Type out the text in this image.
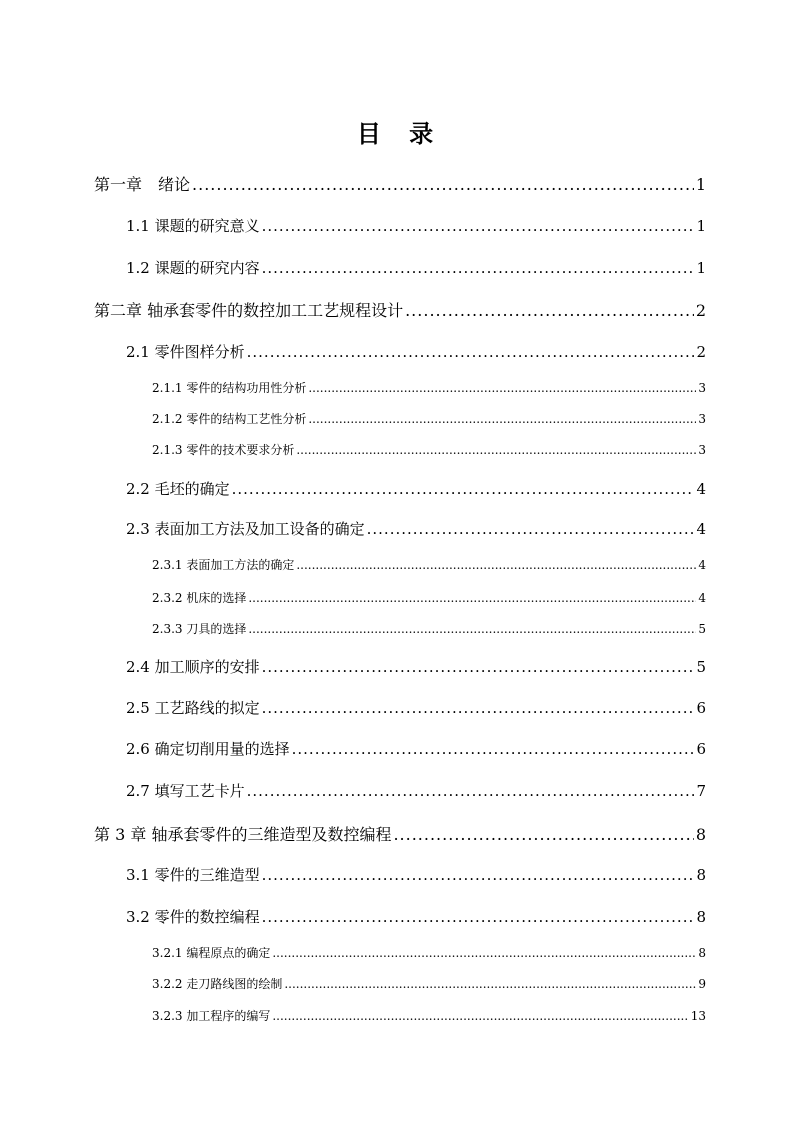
目 录
第一章　绪论 .....	1
1.1 课题的研究意义 .....	1
1.2 课题的研究内容 .....	1
第二章 轴承套零件的数控加工工艺规程设计 .....	2
2.1 零件图样分析 .....	2
2.1.1 零件的结构功用性分析 .....	3
2.1.2 零件的结构工艺性分析 .....	3
2.1.3 零件的技术要求分析 .....	3
2.2 毛坯的确定 .....	4
2.3 表面加工方法及加工设备的确定 .....	4
2.3.1 表面加工方法的确定 .....	4
2.3.2 机床的选择 .....	4
2.3.3 刀具的选择 .....	5
2.4 加工顺序的安排 .....	5
2.5 工艺路线的拟定 .....	6
2.6 确定切削用量的选择 .....	6
2.7 填写工艺卡片 .....	7
第 3 章 轴承套零件的三维造型及数控编程 .....	8
3.1 零件的三维造型 .....	8
3.2 零件的数控编程 .....	8
3.2.1 编程原点的确定 .....	8
3.2.2 走刀路线图的绘制 .....	9
3.2.3 加工程序的编写 .....	13
